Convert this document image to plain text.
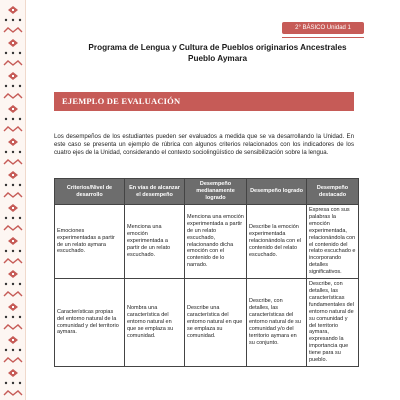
2° BÁSICO Unidad 1
Programa de Lengua y Cultura de Pueblos originarios Ancestrales
Pueblo Aymara
EJEMPLO DE EVALUACIÓN

Los desempeños de los estudiantes pueden ser evaluados a medida que se va desarrollando la Unidad. En este caso se presenta un ejemplo de rúbrica con algunos criterios relacionados con los indicadores de los cuatro ejes de la Unidad, considerando el contexto sociolingüístico de sensibilización sobre la lengua.

Criterios/Nivel de desarrollo	En vías de alcanzar el desempeño	Desempeño medianamente logrado	Desempeño logrado	Desempeño destacado
Emociones experimentadas a partir de un relato aymara escuchado.	Menciona una emoción experimentada a partir de un relato escuchado.	Menciona una emoción experimentada a partir de un relato escuchado, relacionando dicha emoción con el contenido de lo narrado.	Describe la emoción experimentada relacionándola con el contenido del relato escuchado.	Expresa con sus palabras la emoción experimentada, relacionándola con el contenido del relato escuchado e incorporando detalles significativos.
Características propias del entorno natural de la comunidad y del territorio aymara.	Nombra una característica del entorno natural en que se emplaza su comunidad.	Describe una característica del entorno natural en que se emplaza su comunidad.	Describe, con detalles, las características del entorno natural de su comunidad y/o del territorio aymara en su conjunto.	Describe, con detalles, las características fundamentales del entorno natural de su comunidad y del territorio aymara, expresando la importancia que tiene para su pueblo.
